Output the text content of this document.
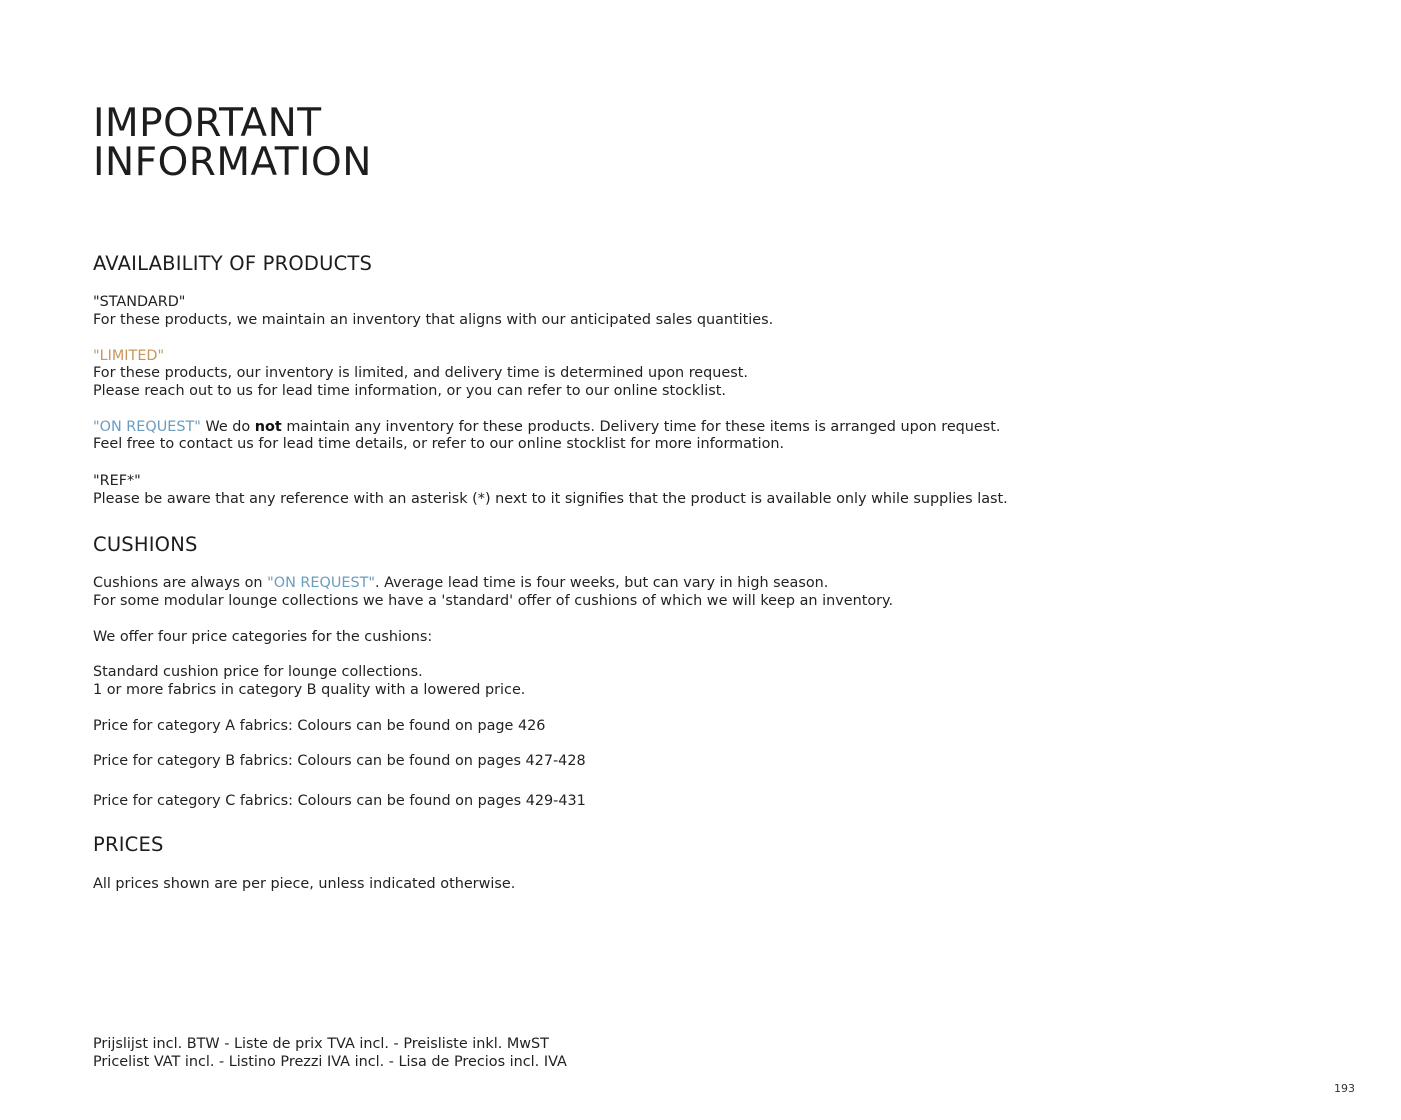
IMPORTANT
INFORMATION
AVAILABILITY OF PRODUCTS

"STANDARD"

For these products, we maintain an inventory that aligns with our anticipated sales quantities.

"LIMITED"

For these products, our inventory is limited, and delivery time is determined upon request.

Please reach out to us for lead time information, or you can refer to our online stocklist.

"ON REQUEST" We do not maintain any inventory for these products. Delivery time for these items is arranged upon request.

Feel free to contact us for lead time details, or refer to our online stocklist for more information.

"REF*"

Please be aware that any reference with an asterisk (*) next to it signifies that the product is available only while supplies last.

CUSHIONS

Cushions are always on "ON REQUEST". Average lead time is four weeks, but can vary in high season.

For some modular lounge collections we have a 'standard' offer of cushions of which we will keep an inventory.

We offer four price categories for the cushions:

Standard cushion price for lounge collections.

1 or more fabrics in category B quality with a lowered price.

Price for category A fabrics: Colours can be found on page 426

Price for category B fabrics: Colours can be found on pages 427-428

Price for category C fabrics: Colours can be found on pages 429-431

PRICES

All prices shown are per piece, unless indicated otherwise.

Prijslijst incl. BTW - Liste de prix TVA incl. - Preisliste inkl. MwST

Pricelist VAT incl. - Listino Prezzi IVA incl. - Lisa de Precios incl. IVA

193
